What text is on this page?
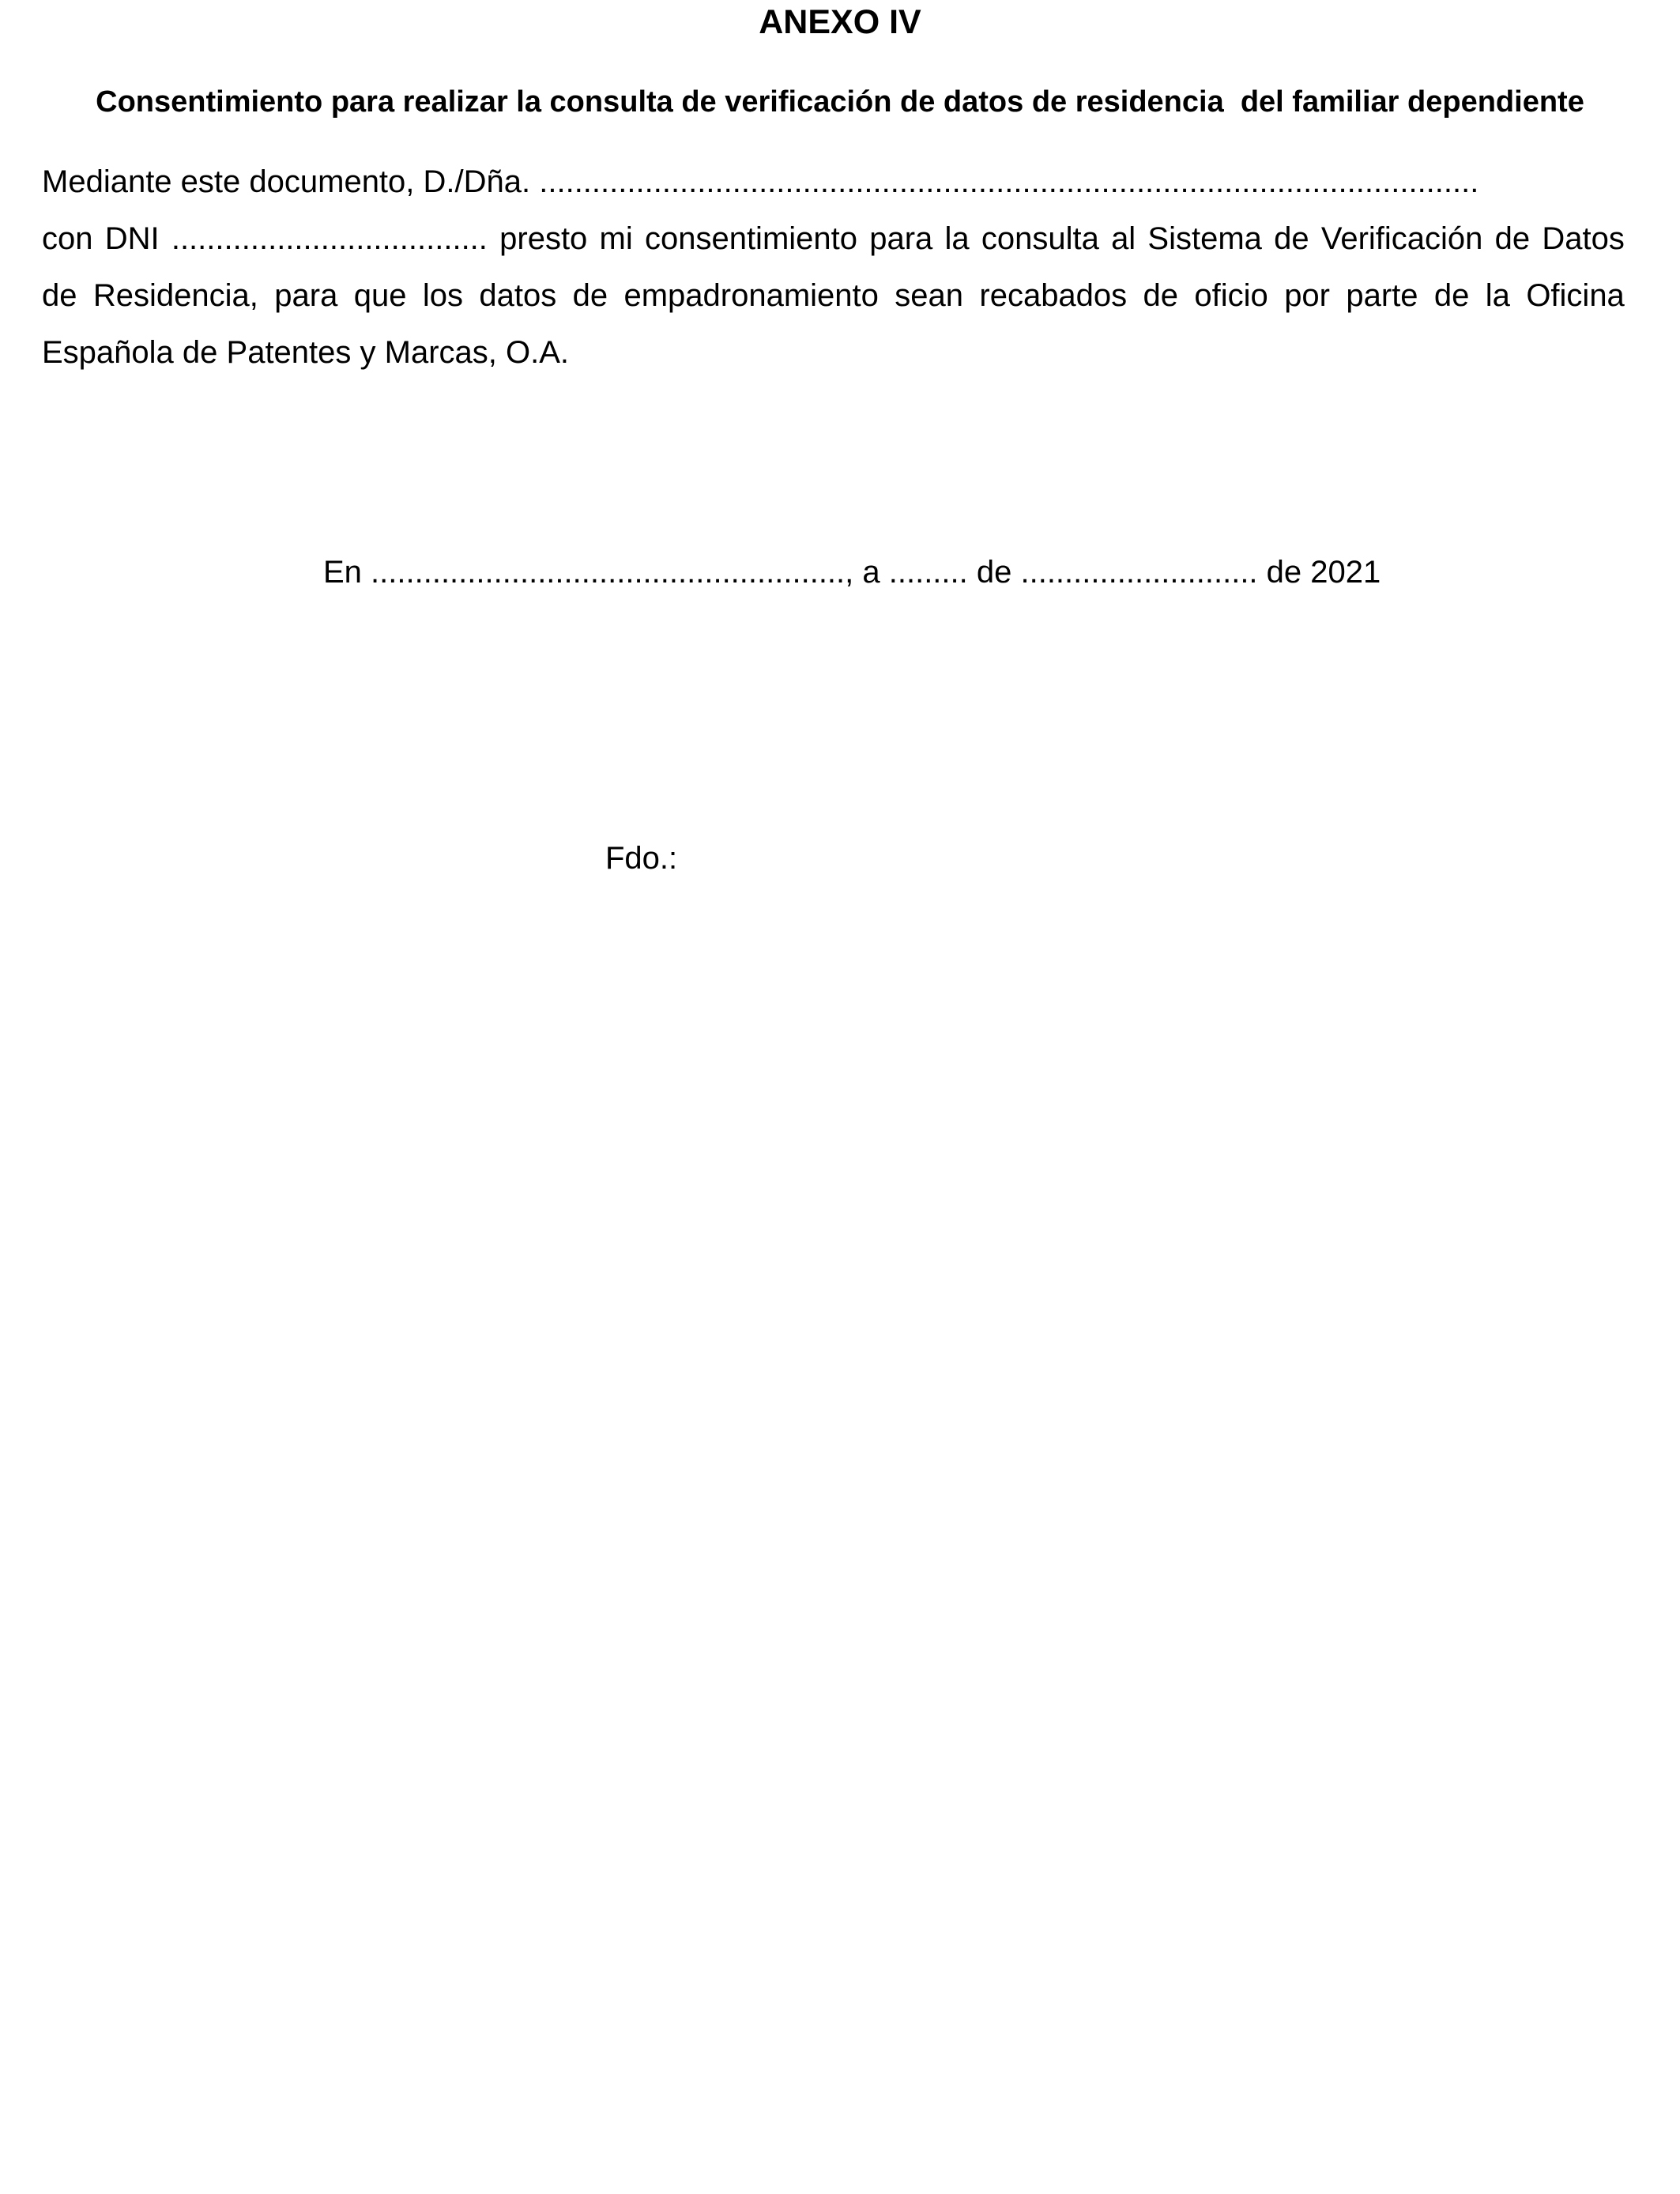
ANEXO IV
Consentimiento para realizar la consulta de verificación de datos de residencia  del familiar dependiente
Mediante este documento, D./Dña. ...........................................................................................................
con DNI .................................... presto mi consentimiento para la consulta al Sistema de Verificación de Datos
de Residencia, para que los datos de empadronamiento sean recabados de oficio por parte de la Oficina
Española de Patentes y Marcas, O.A.
En ......................................................, a ......... de ........................... de 2021
Fdo.:
